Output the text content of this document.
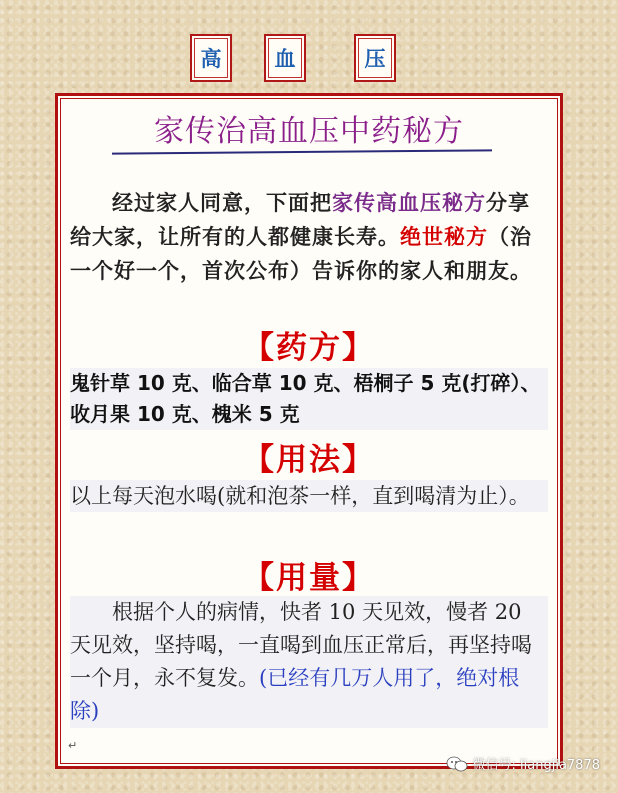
高	血	压
家传治高血压中药秘方
经过家人同意，下面把家传高血压秘方分享给大家，让所有的人都健康长寿。绝世秘方（治一个好一个，首次公布）告诉你的家人和朋友。
【药方】
鬼针草 10 克、临合草 10 克、梧桐子 5 克(打碎）、收月果 10 克、槐米 5 克
【用法】
以上每天泡水喝(就和泡茶一样，直到喝清为止）。
【用量】
根据个人的病情，快者 10 天见效，慢者 20 天见效，坚持喝，一直喝到血压正常后，再坚持喝一个月，永不复发。(已经有几万人用了，绝对根除)
↵
微信号: liangjia7878
